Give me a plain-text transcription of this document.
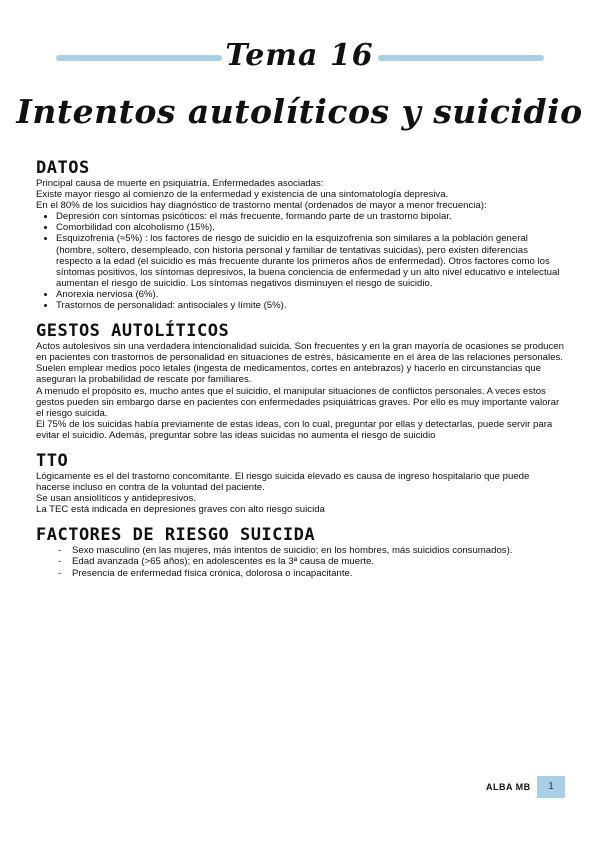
Tema 16
Intentos autolíticos y suicidio
DATOS

Principal causa de muerte en psiquiatría. Enfermedades asociadas:

Existe mayor riesgo al comienzo de la enfermedad y existencia de una sintomatología depresiva.

En el 80% de los suicidios hay diagnóstico de trastorno mental (ordenados de mayor a menor frecuencia):

• Depresión con síntomas psicóticos: el más frecuente, formando parte de un trastorno bipolar.
• Comorbilidad con alcoholismo (15%).
• Esquizofrenia (≈5%) : los factores de riesgo de suicidio en la esquizofrenia son similares a la población general (hombre, soltero, desempleado, con historia personal y familiar de tentativas suicidas), pero existen diferencias respecto a la edad (el suicidio es más frecuente durante los primeros años de enfermedad). Otros factores como los síntomas positivos, los síntomas depresivos, la buena conciencia de enfermedad y un alto nivel educativo e intelectual aumentan el riesgo de suicidio. Los síntomas negativos disminuyen el riesgo de suicidio.
• Anorexia nerviosa (6%).
• Trastornos de personalidad: antisociales y límite (5%).
GESTOS AUTOLÍTICOS

Actos autolesivos sin una verdadera intencionalidad suicida. Son frecuentes y en la gran mayoría de ocasiones se producen en pacientes con trastornos de personalidad en situaciones de estrés, básicamente en el área de las relaciones personales. Suelen emplear medios poco letales (ingesta de medicamentos, cortes en antebrazos) y hacerlo en circunstancias que aseguran la probabilidad de rescate por familiares.

A menudo el propósito es, mucho antes que el suicidio, el manipular situaciones de conflictos personales. A veces estos gestos pueden sin embargo darse en pacientes con enfermedades psiquiátricas graves. Por ello es muy importante valorar el riesgo suicida.

El 75% de los suicidas había previamente de estas ideas, con lo cual, preguntar por ellas y detectarlas, puede servir para evitar el suicidio. Además, preguntar sobre las ideas suicidas no aumenta el riesgo de suicidio

TTO

Lógicamente es el del trastorno concomitante. El riesgo suicida elevado es causa de ingreso hospitalario que puede hacerse incluso en contra de la voluntad del paciente.

Se usan ansiolíticos y antidepresivos.

La TEC está indicada en depresiones graves con alto riesgo suicida

FACTORES DE RIESGO SUICIDA
- Sexo masculino (en las mujeres, más intentos de suicidio; en los hombres, más suicidios consumados).
- Edad avanzada (>65 años); en adolescentes es la 3ª causa de muerte.
- Presencia de enfermedad física crónica, dolorosa o incapacitante.
ALBA MB	1
